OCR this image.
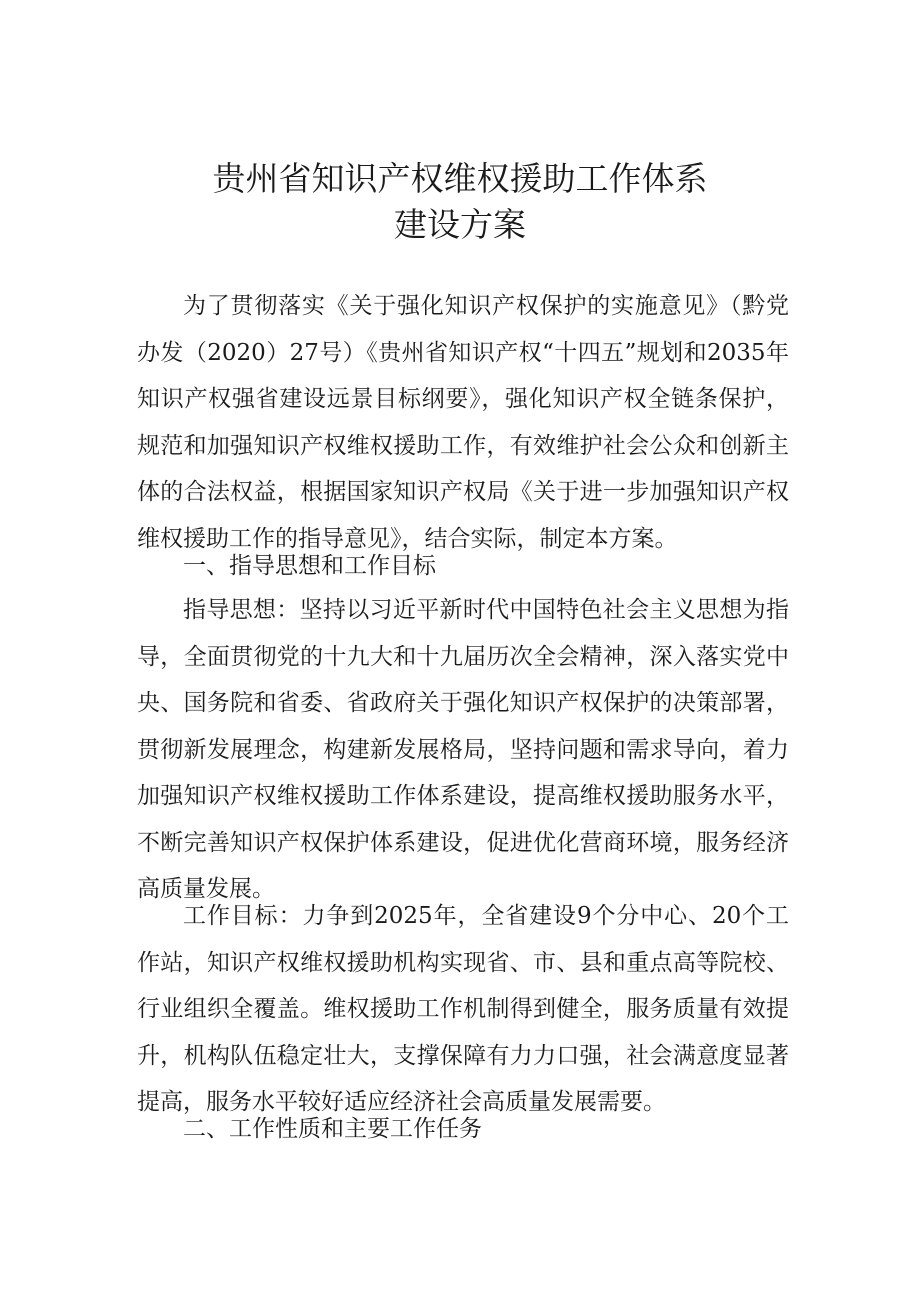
贵州省知识产权维权援助工作体系
建设方案

为了贯彻落实《关于强化知识产权保护的实施意见》（黔党办发（2020）27号）《贵州省知识产权“十四五”规划和2035年知识产权强省建设远景目标纲要》，强化知识产权全链条保护，规范和加强知识产权维权援助工作，有效维护社会公众和创新主体的合法权益，根据国家知识产权局《关于进一步加强知识产权维权援助工作的指导意见》，结合实际，制定本方案。

一、指导思想和工作目标

指导思想：坚持以习近平新时代中国特色社会主义思想为指导，全面贯彻党的十九大和十九届历次全会精神，深入落实党中央、国务院和省委、省政府关于强化知识产权保护的决策部署，贯彻新发展理念，构建新发展格局，坚持问题和需求导向，着力加强知识产权维权援助工作体系建设，提高维权援助服务水平，不断完善知识产权保护体系建设，促进优化营商环境，服务经济高质量发展。

工作目标：力争到2025年，全省建设9个分中心、20个工作站，知识产权维权援助机构实现省、市、县和重点高等院校、行业组织全覆盖。维权援助工作机制得到健全，服务质量有效提升，机构队伍稳定壮大，支撑保障有力力口强，社会满意度显著提高，服务水平较好适应经济社会高质量发展需要。

二、工作性质和主要工作任务
